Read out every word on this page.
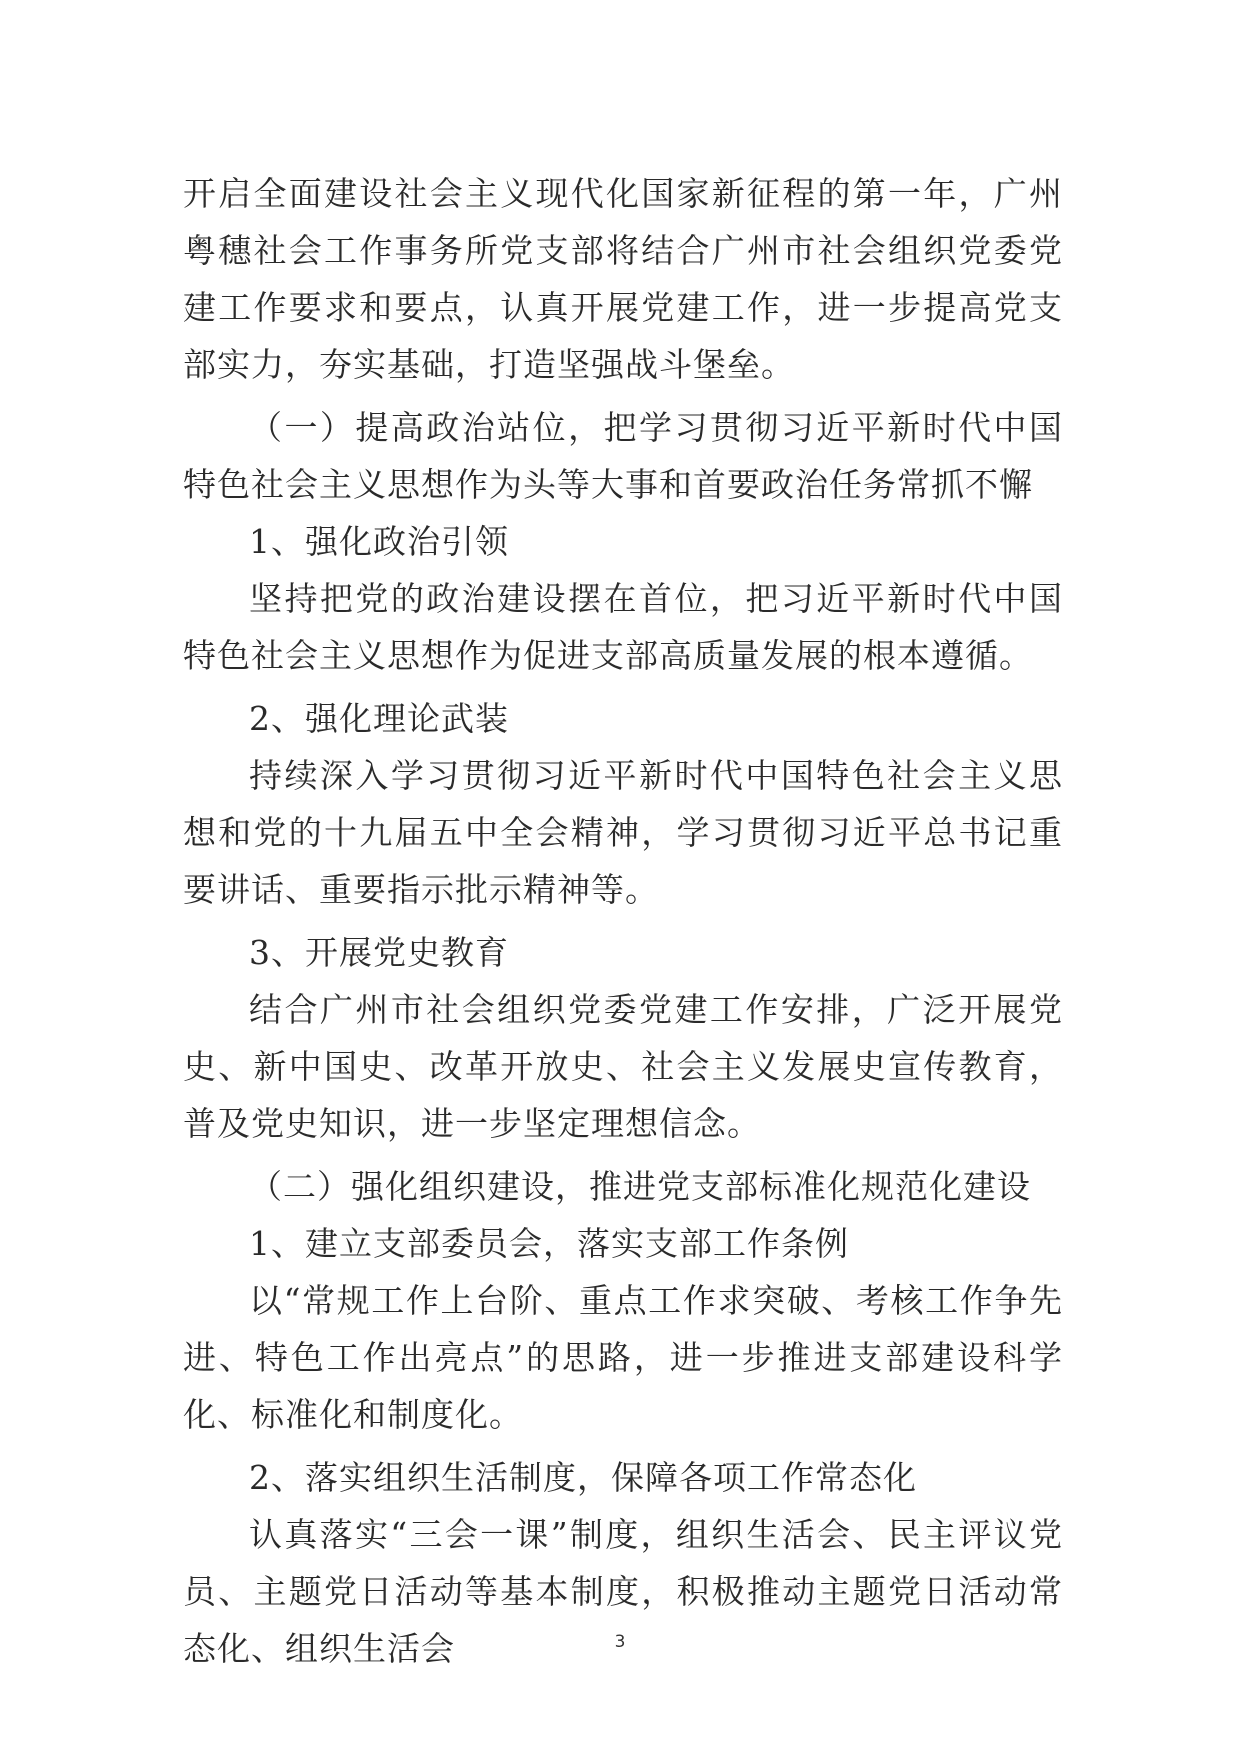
开启全面建设社会主义现代化国家新征程的第一年，广州粤穗社会工作事务所党支部将结合广州市社会组织党委党建工作要求和要点，认真开展党建工作，进一步提高党支部实力，夯实基础，打造坚强战斗堡垒。

（一）提高政治站位，把学习贯彻习近平新时代中国特色社会主义思想作为头等大事和首要政治任务常抓不懈

1、强化政治引领

坚持把党的政治建设摆在首位，把习近平新时代中国特色社会主义思想作为促进支部高质量发展的根本遵循。

2、强化理论武装

持续深入学习贯彻习近平新时代中国特色社会主义思想和党的十九届五中全会精神，学习贯彻习近平总书记重要讲话、重要指示批示精神等。

3、开展党史教育

结合广州市社会组织党委党建工作安排，广泛开展党史、新中国史、改革开放史、社会主义发展史宣传教育，普及党史知识，进一步坚定理想信念。

（二）强化组织建设，推进党支部标准化规范化建设

1、建立支部委员会，落实支部工作条例

以“常规工作上台阶、重点工作求突破、考核工作争先进、特色工作出亮点”的思路，进一步推进支部建设科学化、标准化和制度化。

2、落实组织生活制度，保障各项工作常态化

认真落实“三会一课”制度，组织生活会、民主评议党员、主题党日活动等基本制度，积极推动主题党日活动常态化、组织生活会	3
